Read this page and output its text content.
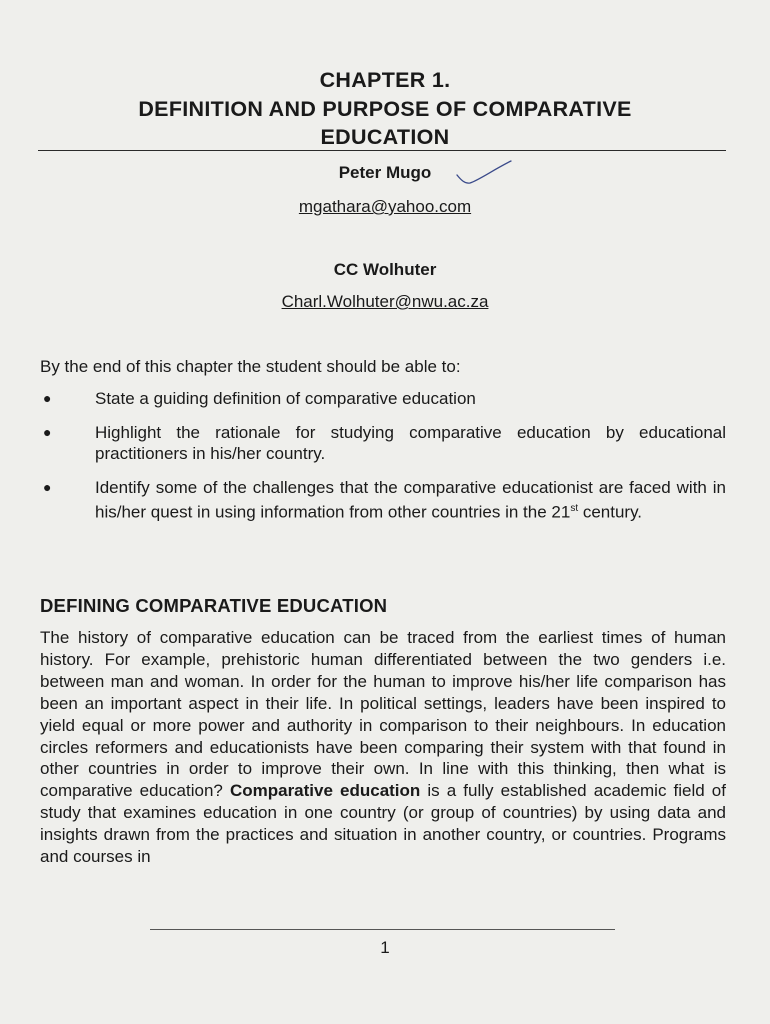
CHAPTER 1.
DEFINITION AND PURPOSE OF COMPARATIVE
EDUCATION
Peter Mugo
mgathara@yahoo.com
CC Wolhuter
Charl.Wolhuter@nwu.ac.za
By the end of this chapter the student should be able to:
●	State a guiding definition of comparative education
●	Highlight the rationale for studying comparative education by educational practitioners in his/her country.
●	Identify some of the challenges that the comparative educationist are faced with in his/her quest in using information from other countries in the 21st century.
DEFINING COMPARATIVE EDUCATION

The history of comparative education can be traced from the earliest times of human history. For example, prehistoric human differentiated between the two genders i.e. between man and woman. In order for the human to improve his/her life comparison has been an important aspect in their life. In political settings, leaders have been inspired to yield equal or more power and authority in comparison to their neighbours. In education circles reformers and educationists have been comparing their system with that found in other countries in order to improve their own. In line with this thinking, then what is comparative education? Comparative education is a fully established academic field of study that examines education in one country (or group of countries) by using data and insights drawn from the practices and situation in another country, or countries. Programs and courses in

1
